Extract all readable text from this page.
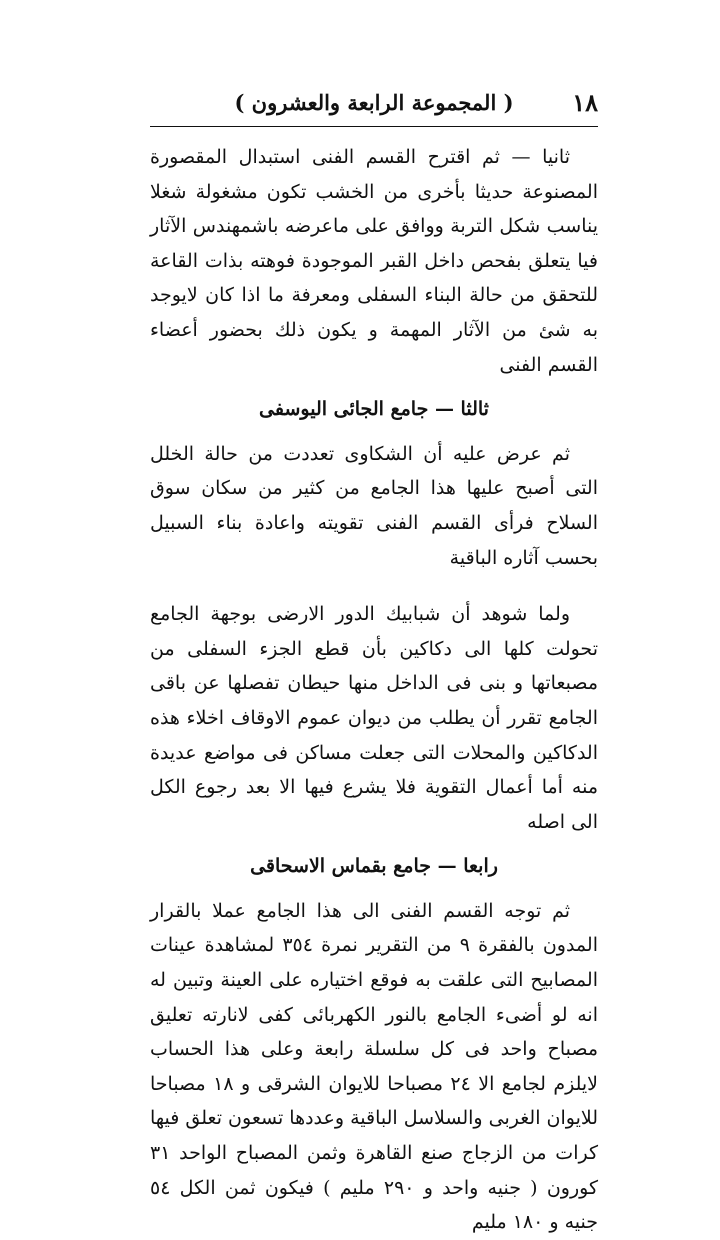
١٨
( المجموعة الرابعة والعشرون )

ثانيا — ثم اقترح القسم الفنى استبدال المقصورة المصنوعة حديثا بأخرى من الخشب تكون مشغولة شغلا يناسب شكل التربة ووافق على ماعرضه باشمهندس الآثار فيا يتعلق بفحص داخل القبر الموجودة فوهته بذات القاعة للتحقق من حالة البناء السفلى ومعرفة ما اذا كان لايوجد به شئ من الآثار المهمة و يكون ذلك بحضور أعضاء القسم الفنى

ثالثا — جامع الجائى اليوسفى

ثم عرض عليه أن الشكاوى تعددت من حالة الخلل التى أصبح عليها هذا الجامع من كثير من سكان سوق السلاح فرأى القسم الفنى تقويته واعادة بناء السبيل بحسب آثاره الباقية

ولما شوهد أن شبابيك الدور الارضى بوجهة الجامع تحولت كلها الى دكاكين بأن قطع الجزء السفلى من مصبعاتها و بنى فى الداخل منها حيطان تفصلها عن باقى الجامع تقرر أن يطلب من ديوان عموم الاوقاف اخلاء هذه الدكاكين والمحلات التى جعلت مساكن فى مواضع عديدة منه أما أعمال التقوية فلا يشرع فيها الا بعد رجوع الكل الى اصله

رابعا — جامع بقماس الاسحاقى

ثم توجه القسم الفنى الى هذا الجامع عملا بالقرار المدون بالفقرة ٩ من التقرير نمرة ٣٥٤ لمشاهدة عينات المصابيح التى علقت به فوقع اختياره على العينة وتبين له انه لو أضىء الجامع بالنور الكهربائى كفى لانارته تعليق مصباح واحد فى كل سلسلة رابعة وعلى هذا الحساب لايلزم لجامع الا ٢٤ مصباحا للايوان الشرقى و ١٨ مصباحا للايوان الغربى والسلاسل الباقية وعددها تسعون تعلق فيها كرات من الزجاج صنع القاهرة وثمن المصباح الواحد ٣١ كورون ( جنيه واحد و ٢٩٠ مليم ) فيكون ثمن الكل ٥٤ جنيه و ١٨٠ مليم
